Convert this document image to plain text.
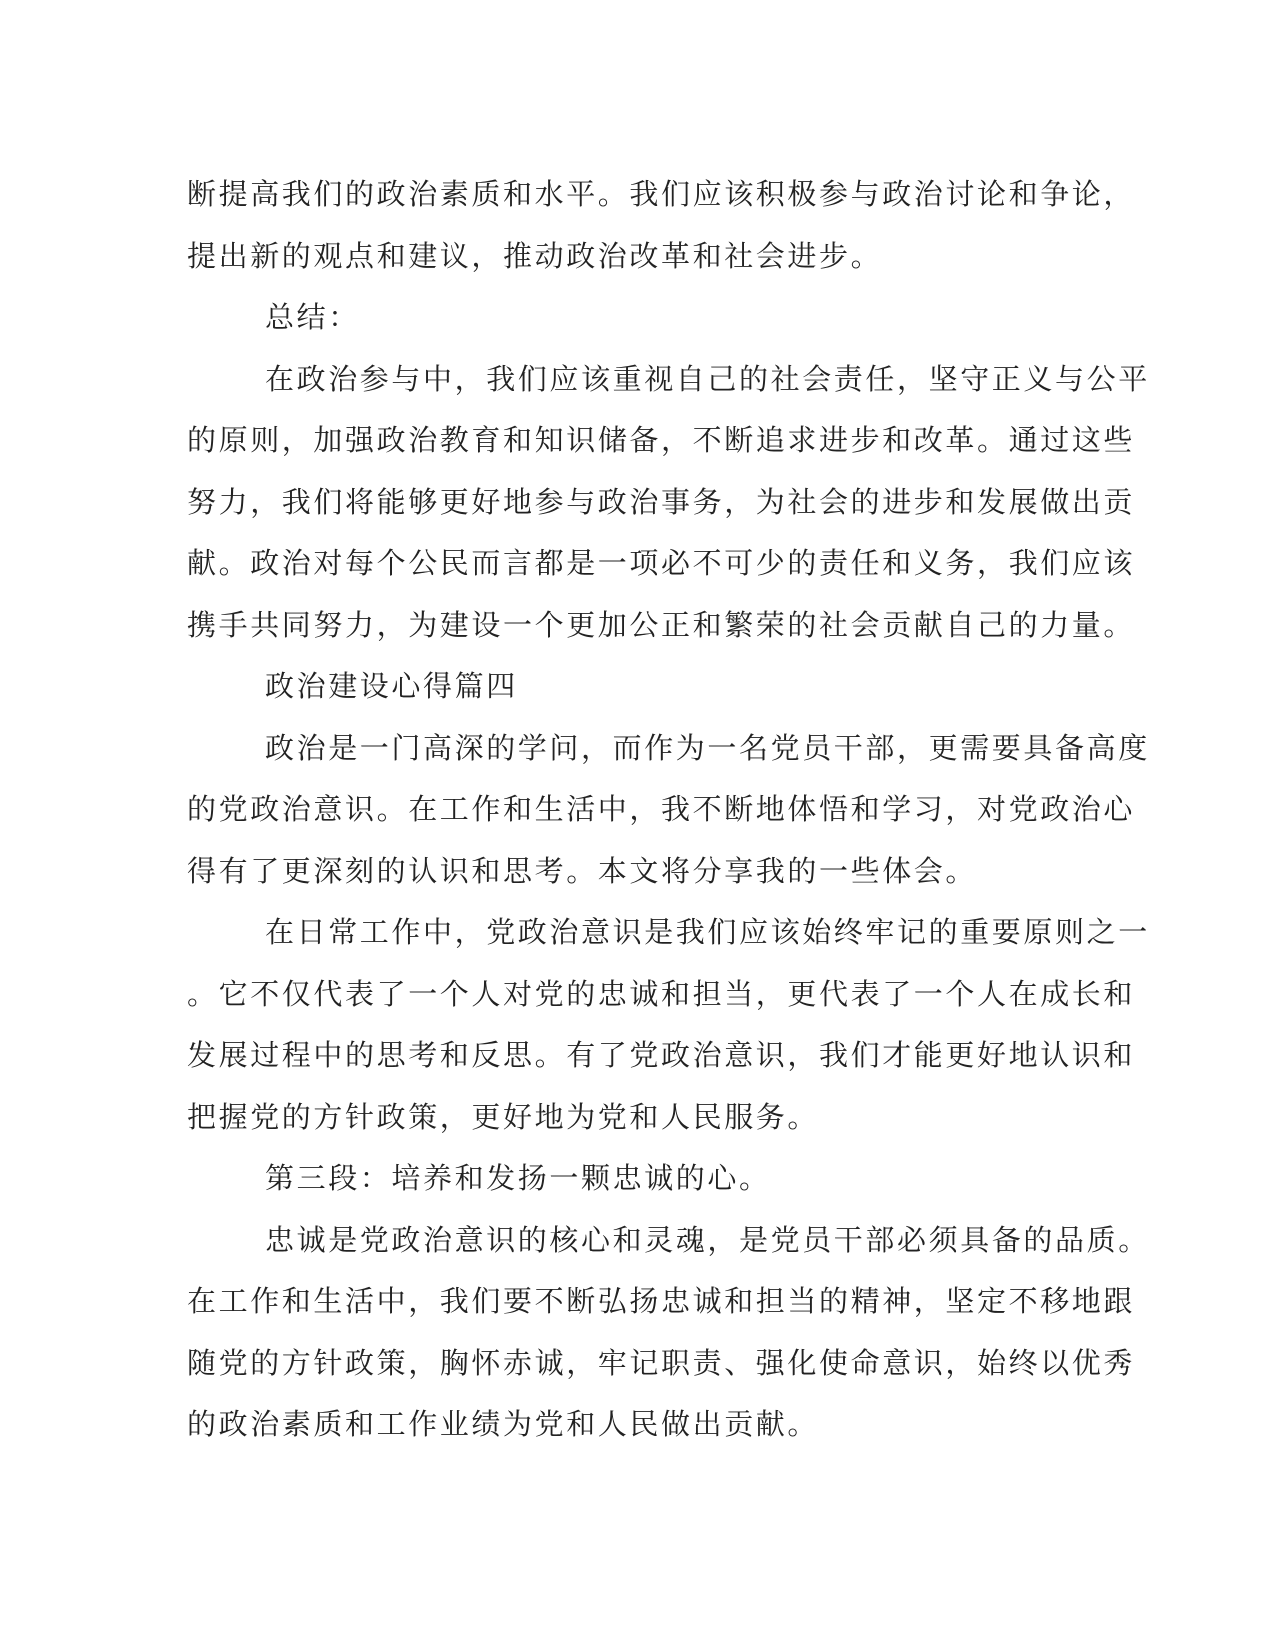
断提高我们的政治素质和水平。我们应该积极参与政治讨论和争论，
提出新的观点和建议，推动政治改革和社会进步。
总结：
在政治参与中，我们应该重视自己的社会责任，坚守正义与公平
的原则，加强政治教育和知识储备，不断追求进步和改革。通过这些
努力，我们将能够更好地参与政治事务，为社会的进步和发展做出贡
献。政治对每个公民而言都是一项必不可少的责任和义务，我们应该
携手共同努力，为建设一个更加公正和繁荣的社会贡献自己的力量。
政治建设心得篇四
政治是一门高深的学问，而作为一名党员干部，更需要具备高度
的党政治意识。在工作和生活中，我不断地体悟和学习，对党政治心
得有了更深刻的认识和思考。本文将分享我的一些体会。
在日常工作中，党政治意识是我们应该始终牢记的重要原则之一
。它不仅代表了一个人对党的忠诚和担当，更代表了一个人在成长和
发展过程中的思考和反思。有了党政治意识，我们才能更好地认识和
把握党的方针政策，更好地为党和人民服务。
第三段：培养和发扬一颗忠诚的心。
忠诚是党政治意识的核心和灵魂，是党员干部必须具备的品质。
在工作和生活中，我们要不断弘扬忠诚和担当的精神，坚定不移地跟
随党的方针政策，胸怀赤诚，牢记职责、强化使命意识，始终以优秀
的政治素质和工作业绩为党和人民做出贡献。
